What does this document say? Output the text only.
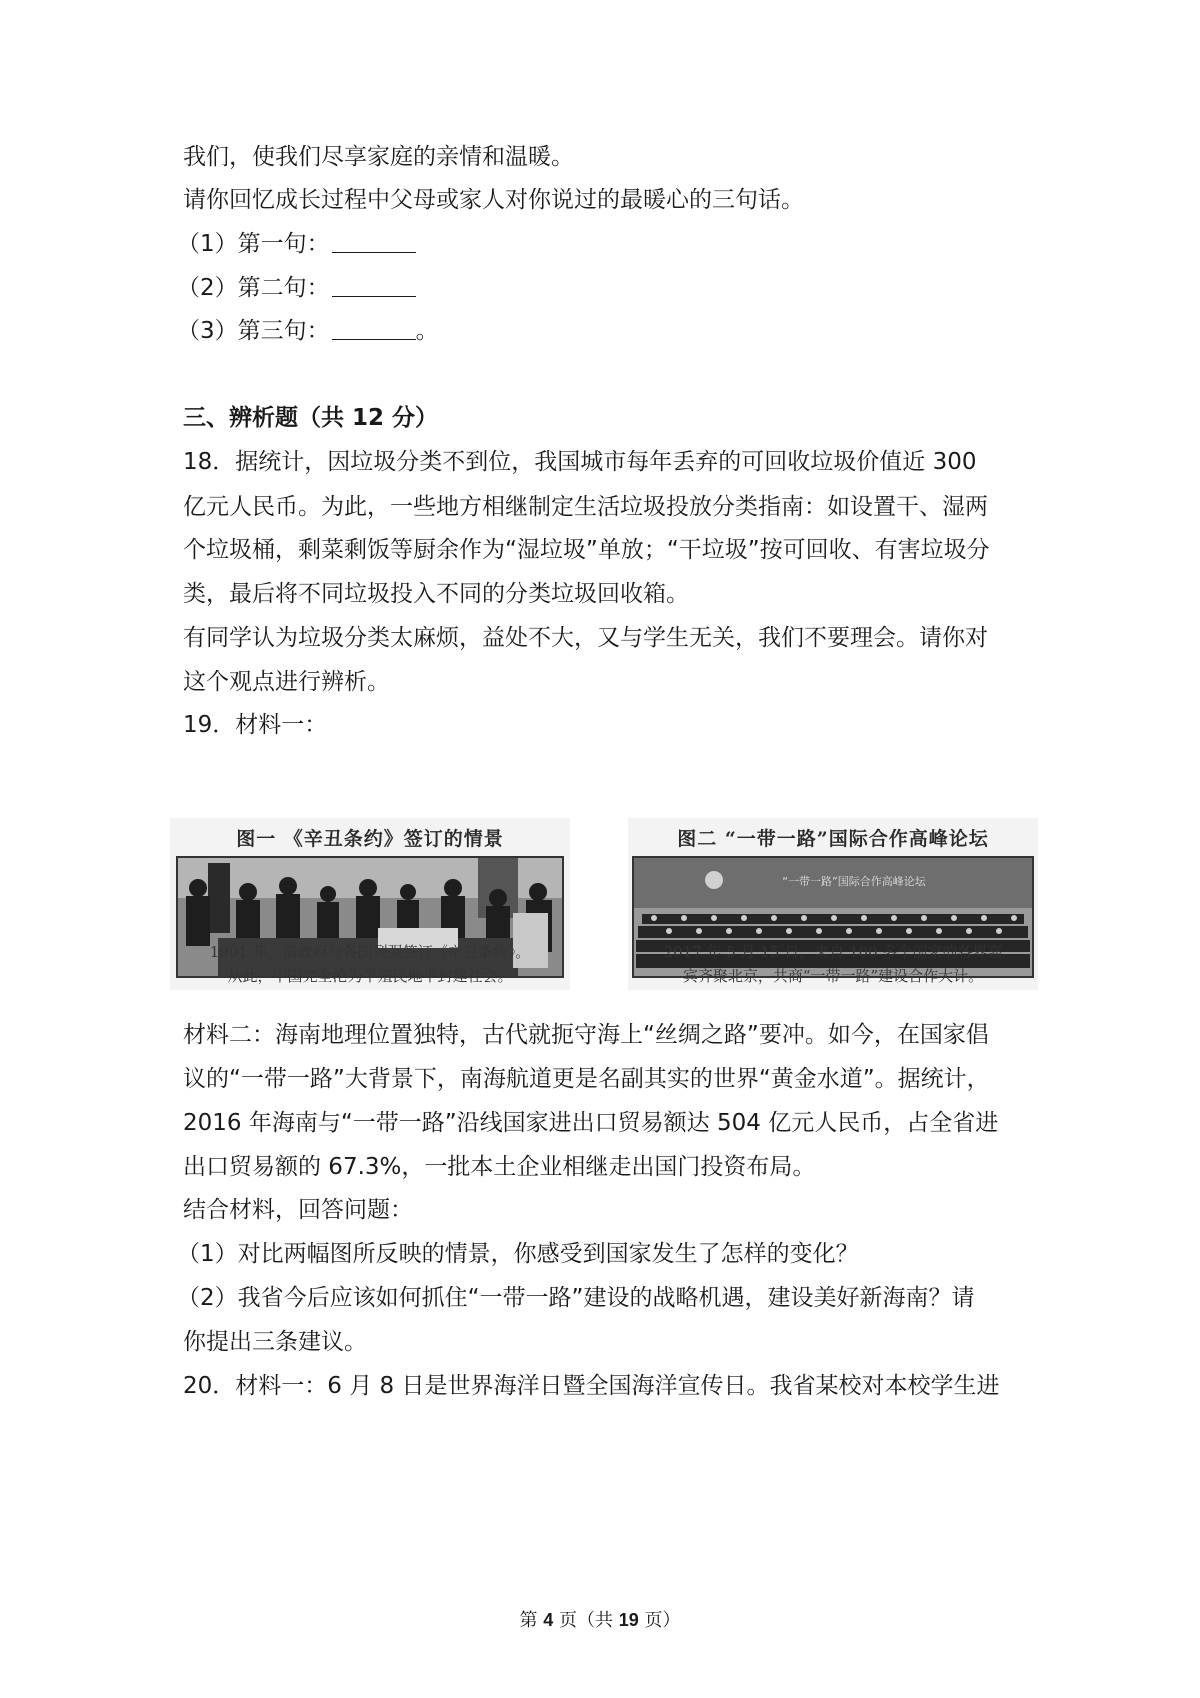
我们，使我们尽享家庭的亲情和温暖。
请你回忆成长过程中父母或家人对你说过的最暖心的三句话。
（1）第一句：
（2）第二句：
（3）第三句：	。
三、辨析题（共 12 分）
18．据统计，因垃圾分类不到位，我国城市每年丢弃的可回收垃圾价值近 300
亿元人民币。为此，一些地方相继制定生活垃圾投放分类指南：如设置干、湿两
个垃圾桶，剩菜剩饭等厨余作为“湿垃圾”单放；“干垃圾”按可回收、有害垃圾分
类，最后将不同垃圾投入不同的分类垃圾回收箱。
有同学认为垃圾分类太麻烦，益处不大，又与学生无关，我们不要理会。请你对
这个观点进行辨析。
19．材料一：
图一 《辛丑条约》签订的情景
1901 年，清政府与各国列强签订《辛丑条约》。
从此，中国完全沦为半殖民地半封建社会。
图二 “一带一路”国际合作高峰论坛
“一带一路”国际合作高峰论坛
2017 年 5 月 15 日，来自 100 多个国家的各界嘉
宾齐聚北京，共商“一带一路”建设合作大计。
材料二：海南地理位置独特，古代就扼守海上“丝绸之路”要冲。如今，在国家倡
议的“一带一路”大背景下，南海航道更是名副其实的世界“黄金水道”。据统计，
2016 年海南与“一带一路”沿线国家进出口贸易额达 504 亿元人民币，占全省进
出口贸易额的 67.3%，一批本土企业相继走出国门投资布局。
结合材料，回答问题：
（1）对比两幅图所反映的情景，你感受到国家发生了怎样的变化？
（2）我省今后应该如何抓住“一带一路”建设的战略机遇，建设美好新海南？请
你提出三条建议。
20．材料一：6 月 8 日是世界海洋日暨全国海洋宣传日。我省某校对本校学生进
第 4 页（共 19 页）
